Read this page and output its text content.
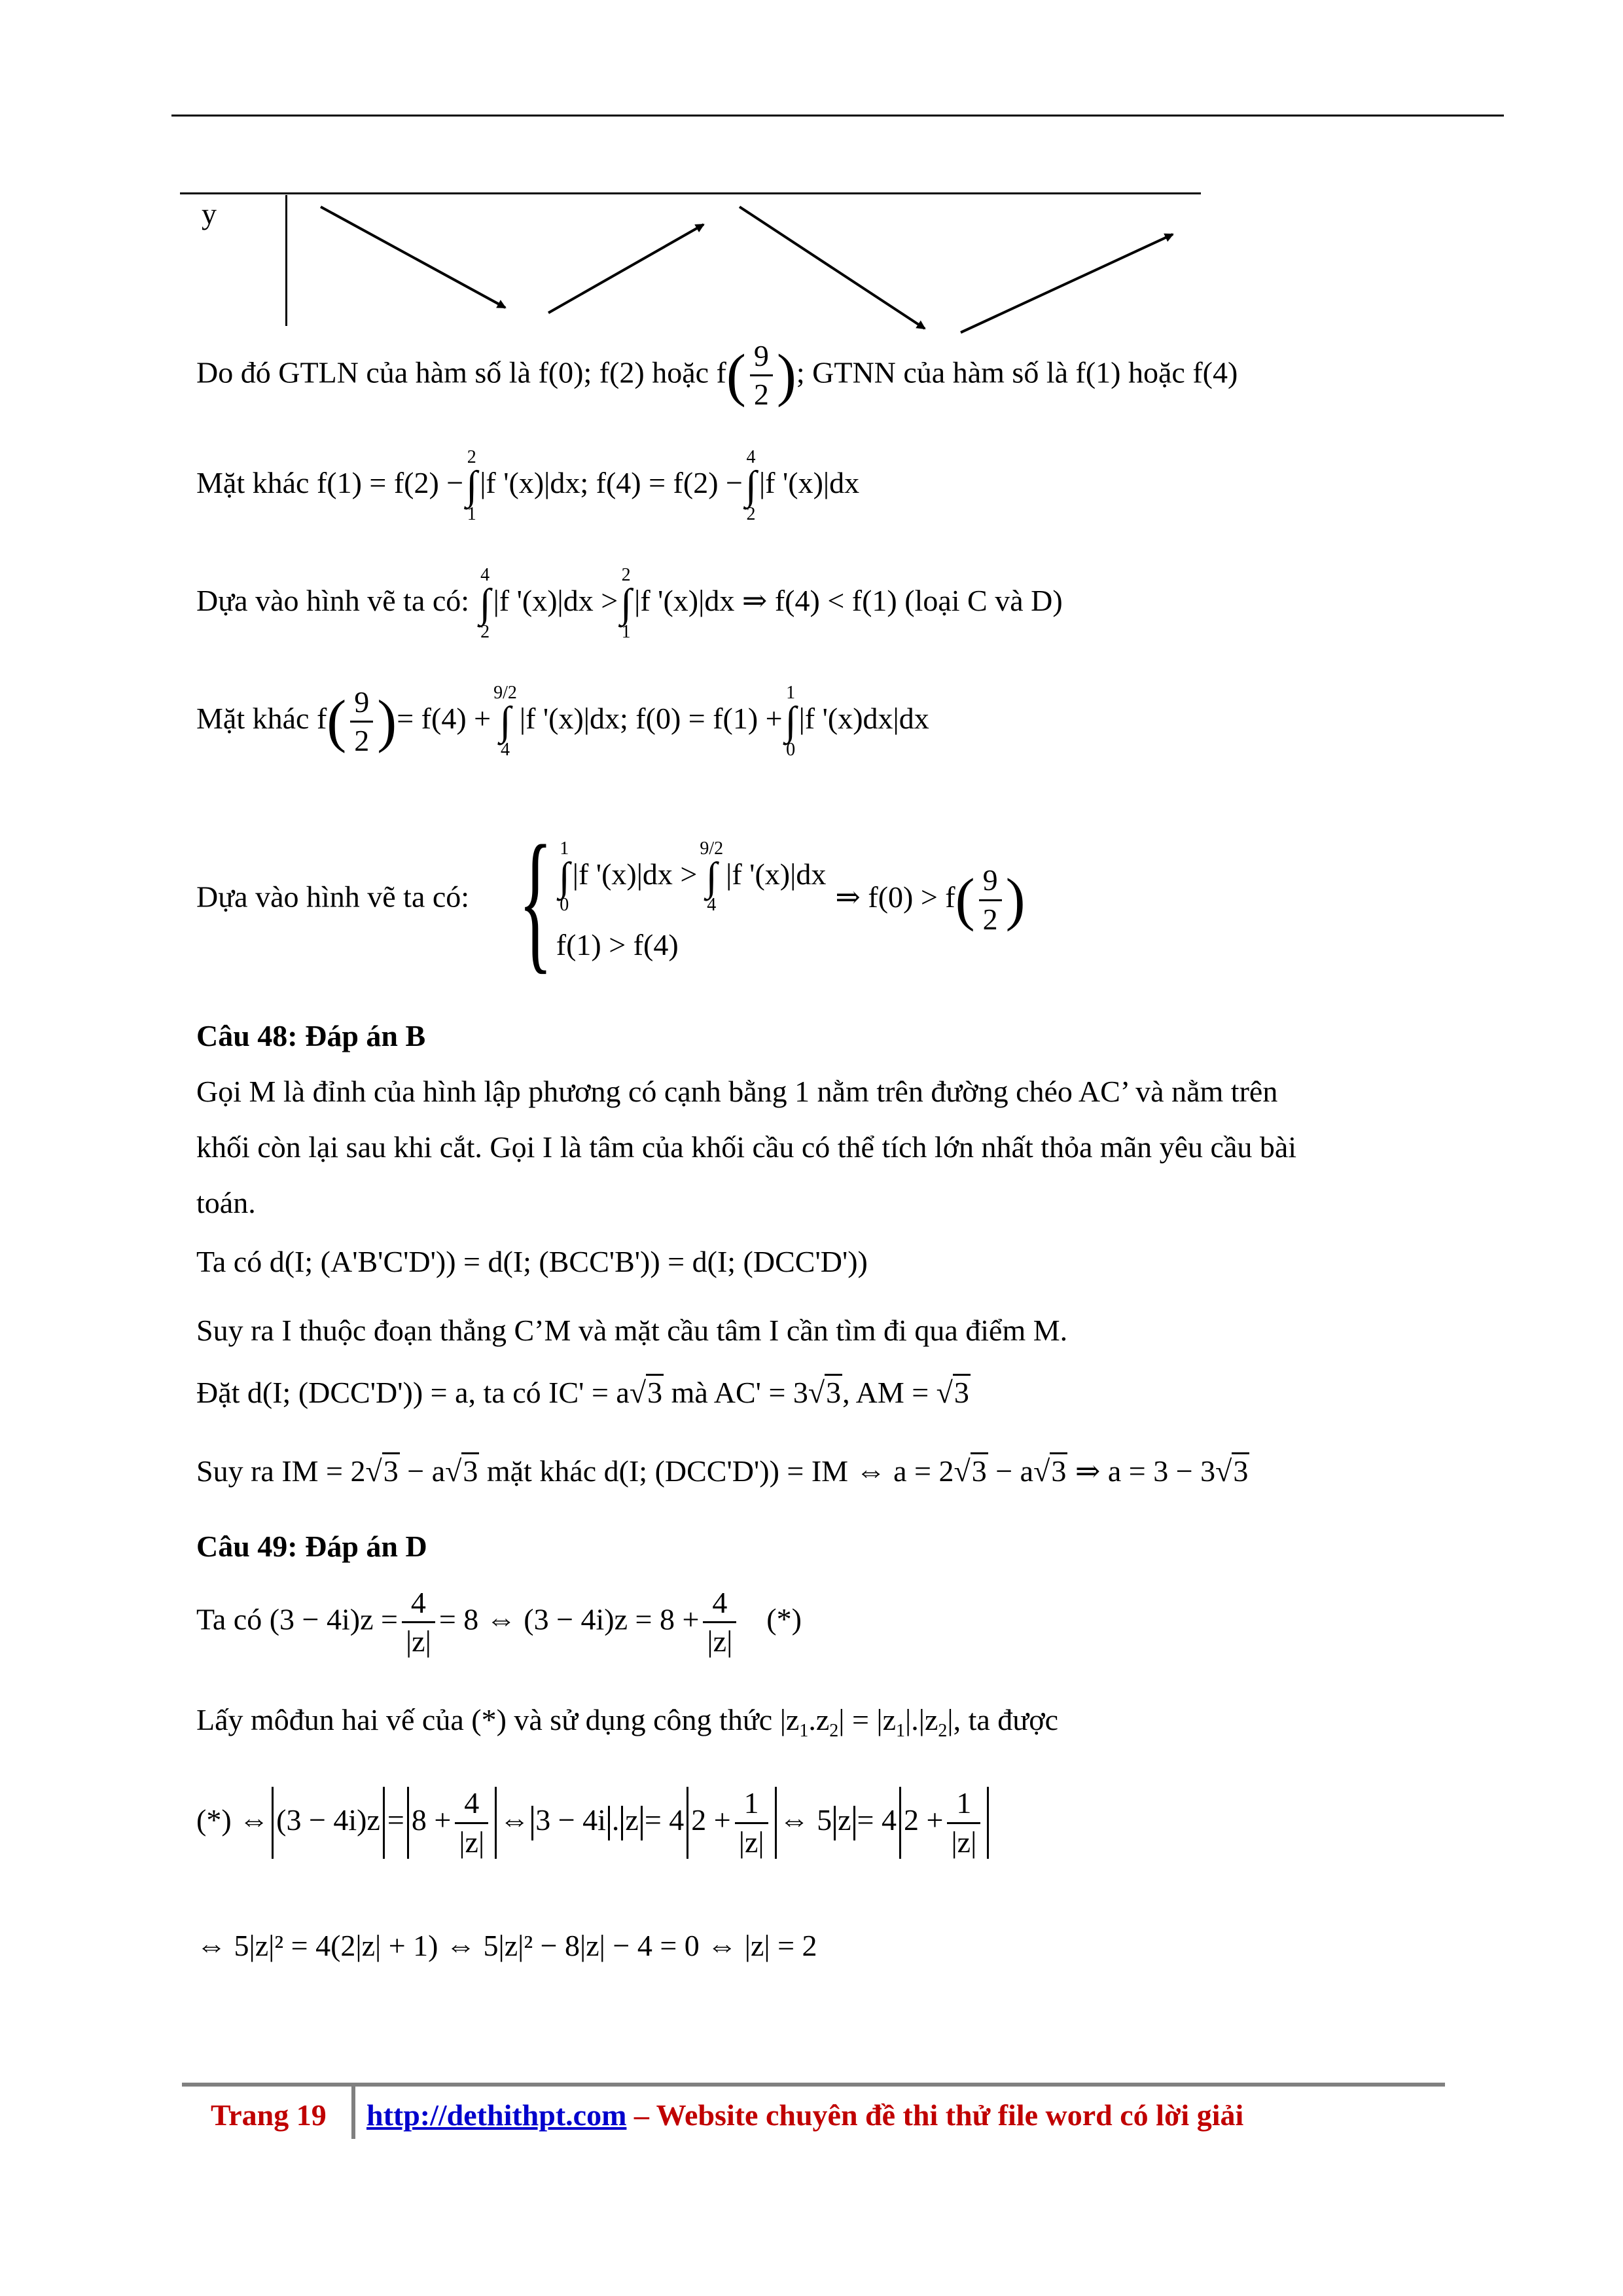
y
Do đó GTLN của hàm số là f(0); f(2) hoặc $f( \frac{9}{2}$ ); GTNN của hàm số là f(1) hoặc f(4)
Mặt khác f(1) = f(2) −
2
∫
1
|f '(x)|dx; f(4) = f(2) −
4
∫
2
|f '(x)|dx
Dựa vào hình vẽ ta có:
4
∫
2
|f '(x)|dx >
2
∫
1
|f '(x)|dx ⇒ f(4) < f(1) (loại C và D)
Mặt khác $f( \frac{9}{2}$ )= f(4) +
9/2
∫
4
|f '(x)|dx; f(0) = f(1) +
1
∫
0
|f '(x)dx|dx
Dựa vào hình vẽ ta có: { 1
∫
0
|f '(x)|dx >
9/2
∫
4
|f '(x)|dx
f(1) > f(4)
⇒ $f(0) > f( \frac{9}{2}$ )
Câu 48: Đáp án B
Gọi M là đỉnh của hình lập phương có cạnh bằng 1 nằm trên đường chéo AC’ và nằm trên
khối còn lại sau khi cắt. Gọi I là tâm của khối cầu có thể tích lớn nhất thỏa mãn yêu cầu bài
toán.
Ta có d(I; (A'B'C'D')) = d(I; (BCC'B')) = d(I; (DCC'D'))
Suy ra I thuộc đoạn thẳng C’M và mặt cầu tâm I cần tìm đi qua điểm M.
Đặt d(I; (DCC'D')) = a, ta có IC' = a√3 mà AC' = 3√3, AM = √3
Suy ra IM = 2√3 − a√3 mặt khác d(I; (DCC'D')) = IM ⇔ a = 2√3 − a√3 ⇒ a = 3 − 3√3
Câu 49: Đáp án D
Ta có $(3 - 4i)z = \frac{4}{|z|} = 8$ ⇔ $(3 - 4i)z = 8 + \frac{4}{|z|}$ (*)
Lấy môđun hai vế của (*) và sử dụng công thức $|z_1.z_2| = |z_1|.|z_2|$, ta được
(*) ⇔ $(3 - 4i)z = 8 + \frac{4}{|z|}$ ⇔ 3 − 4i . z = 4 $2 + \frac{1}{|z|}$ ⇔ 5 z = 4 $2 + \frac{1}{|z|}$
⇔ 5|z|² = 4(2|z| + 1) ⇔ 5|z|² − 8|z| − 4 = 0 ⇔ |z| = 2
Trang 19 http://dethithpt.com – Website chuyên đề thi thử file word có lời giải
